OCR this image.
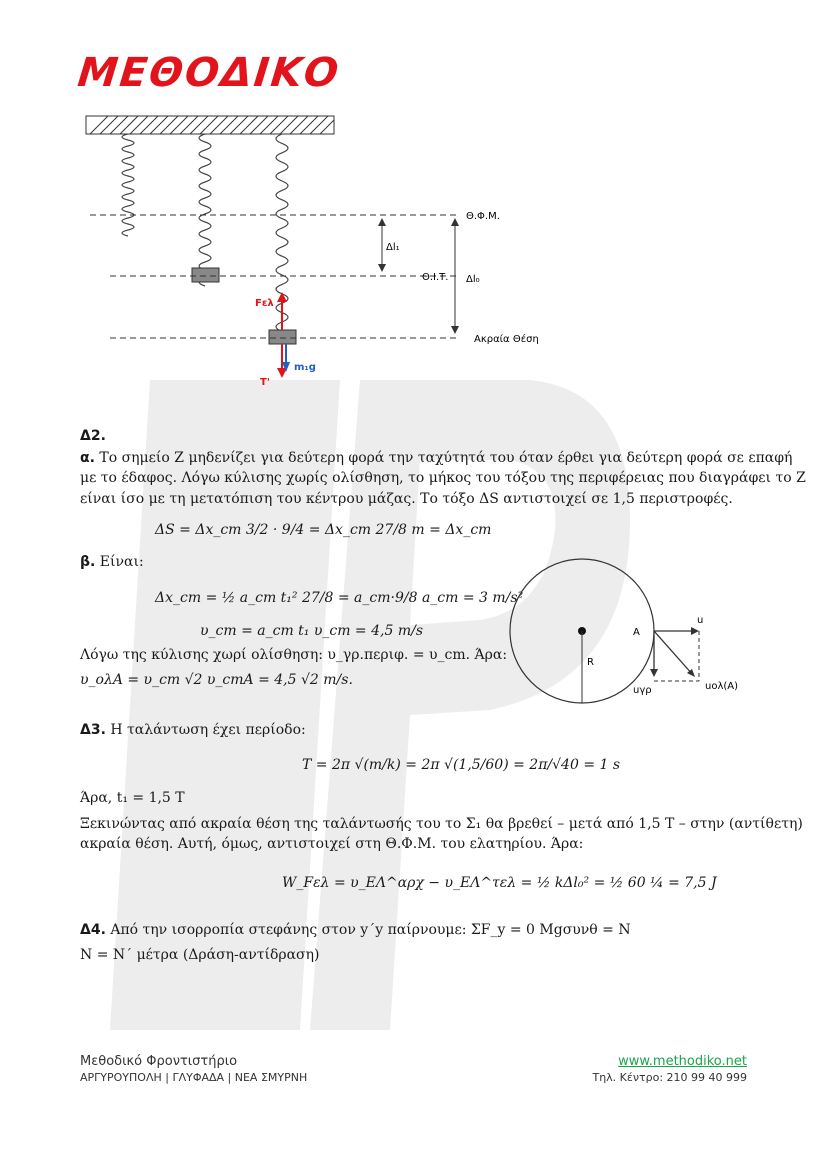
ΜΕΘΟΔΙΚΟ
Θ.Φ.Μ.
Θ.Ι.Τ.
Ακραία Θέση
Δl₁
Δl₀
Fελ
m₁g
T'
Δ2.
α. Το σημείο Ζ μηδενίζει για δεύτερη φορά την ταχύτητά του όταν έρθει για δεύτερη φορά σε επαφή
με το έδαφος. Λόγω κύλισης χωρίς ολίσθηση, το μήκος του τόξου της περιφέρειας που διαγράφει το Ζ
είναι ίσο με τη μετατόπιση του κέντρου μάζας. Το τόξο ΔS αντιστοιχεί σε 1,5 περιστροφές.
ΔS = Δx_cm 3/2 · 9/4 = Δx_cm 27/8 m = Δx_cm
β. Είναι:
Δx_cm = ½ a_cm t₁² 27/8 = a_cm·9/8 a_cm = 3 m/s²
υ_cm = a_cm t₁ υ_cm = 4,5 m/s
Λόγω της κύλισης χωρί ολίσθηση: υ_γρ.περιφ. = υ_cm. Άρα:
υ_ολΑ = υ_cm √2 υ_cmΑ = 4,5 √2 m/s.
A
R
u
uγρ	uολ(A)
Δ3. Η ταλάντωση έχει περίοδο:
T = 2π √(m/k) = 2π √(1,5/60) = 2π/√40 = 1 s
Άρα, t₁ = 1,5 T
Ξεκινώντας από ακραία θέση της ταλάντωσής του το Σ₁ θα βρεθεί – μετά από 1,5 T – στην (αντίθετη)
ακραία θέση. Αυτή, όμως, αντιστοιχεί στη Θ.Φ.Μ. του ελατηρίου. Άρα:
W_Fελ = υ_ΕΛ^αρχ − υ_ΕΛ^τελ = ½ kΔl₀² = ½ 60 ¼ = 7,5 J
Δ4. Από την ισορροπία στεφάνης στον y΄y παίρνουμε: ΣF_y = 0 Mgσυνθ = N
N = N΄ μέτρα (Δράση-αντίδραση)
Μεθοδικό Φροντιστήριο
ΑΡΓΥΡΟΥΠΟΛΗ | ΓΛΥΦΑΔΑ | ΝΕΑ ΣΜΥΡΝΗ
www.methodiko.net
Τηλ. Κέντρο: 210 99 40 999
